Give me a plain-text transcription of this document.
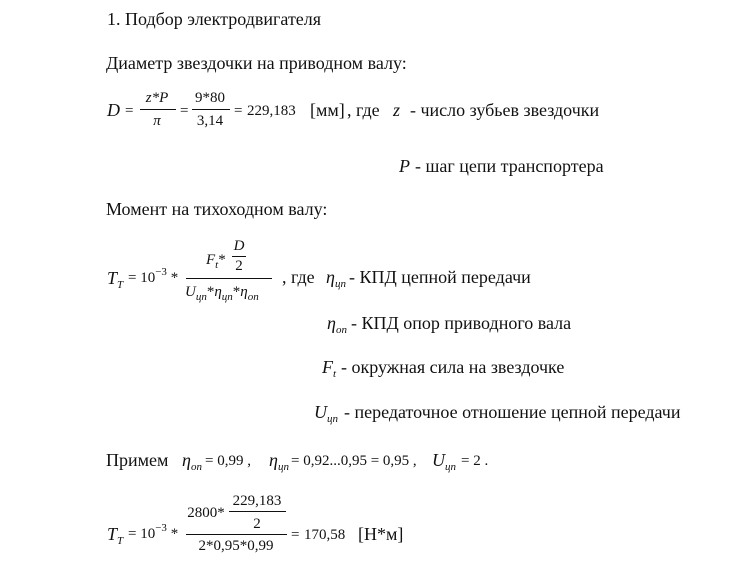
1. Подбор электродвигателя
Диаметр звездочки на приводном валу:
D =
z*P
π
=
9*80
3,14
= 229,183 [мм] , где z - число зубьев звездочки
P - шаг цепи транспортера
Момент на тихоходном валу:
$T_T = 10^{-3}$ *
$F_t*$
D
2
$U_{цп}*\eta_{цп}*\eta_{оп}$
, где $\eta_{цп}$ - КПД цепной передачи
$\eta_{оп}$ - КПД опор приводного вала
$F_t$ - окружная сила на звездочке
$U_{цп}$ - передаточное отношение цепной передачи
Примем $\eta_{оп} = 0,99$ , $\eta_{цп} = 0,92...0,95 = 0,95$ , $U_{цп} = 2$ .
$T_T = 10^{-3}$ *
2800*
229,183
2
2*0,95*0,99
= 170,58 [Н*м]
